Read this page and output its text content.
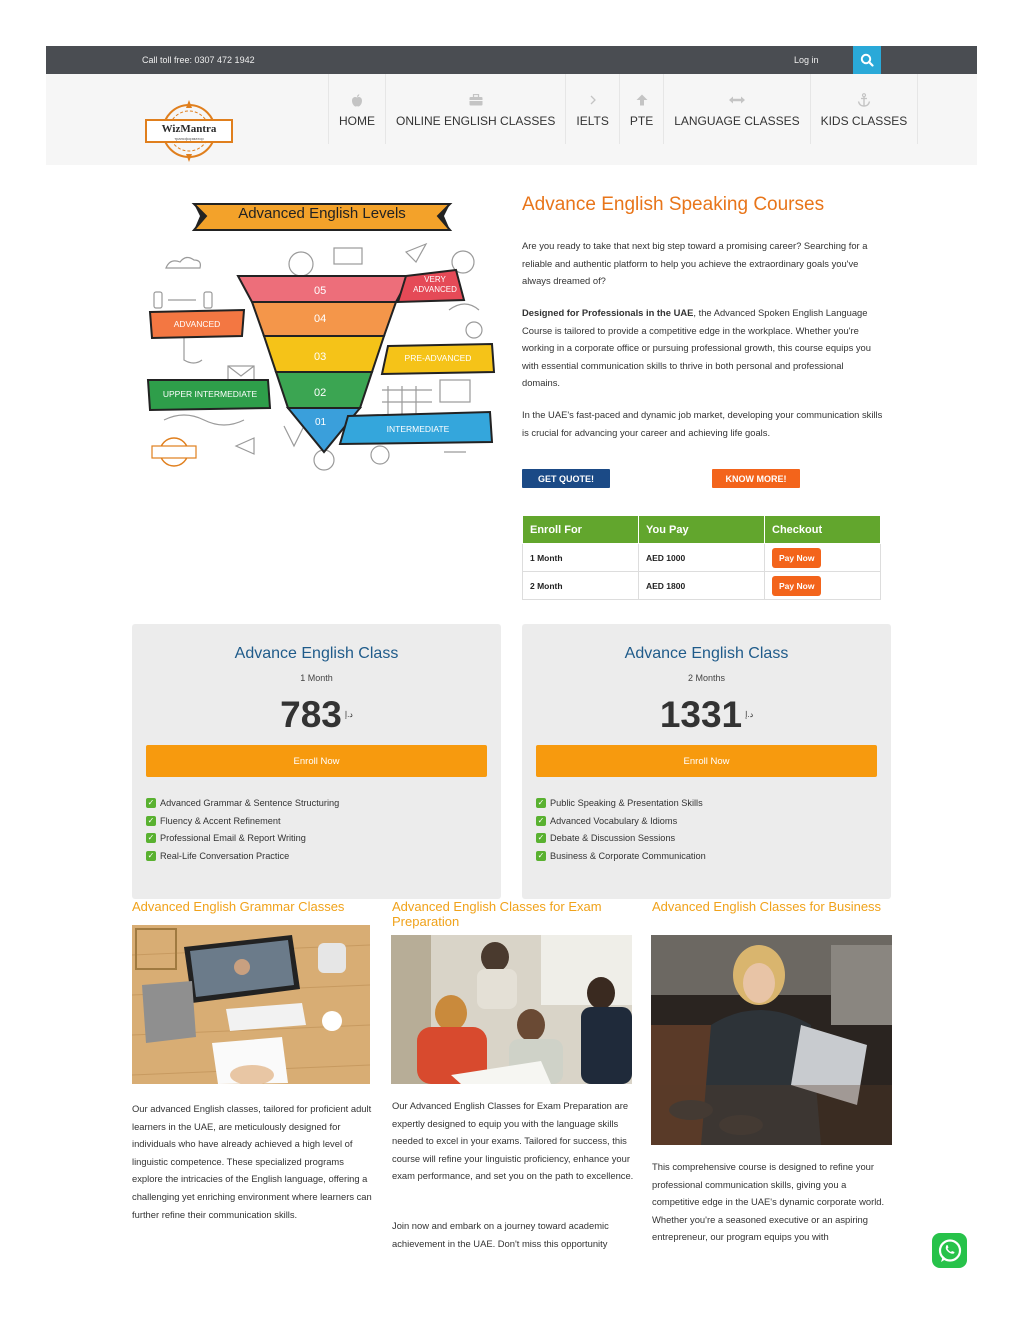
Call toll free: 0307 472 1942	Log in
WizMantra
трансформатор
HOME ONLINE ENGLISH CLASSES IELTS PTE LANGUAGE CLASSES KIDS CLASSES
Advanced English Levels
05
04
03
02
01
VERY ADVANCED
ADVANCED
PRE-ADVANCED
UPPER INTERMEDIATE
INTERMEDIATE
Advance English Speaking Courses
Are you ready to take that next big step toward a promising career? Searching for a reliable and authentic platform to help you achieve the extraordinary goals you've always dreamed of?
Designed for Professionals in the UAE, the Advanced Spoken English Language Course is tailored to provide a competitive edge in the workplace. Whether you're working in a corporate office or pursuing professional growth, this course equips you with essential communication skills to thrive in both personal and professional domains.
In the UAE's fast-paced and dynamic job market, developing your communication skills is crucial for advancing your career and achieving life goals.
GET QUOTE!	KNOW MORE!
Enroll For	You Pay	Checkout
1 Month	AED 1000	Pay Now
2 Month	AED 1800	Pay Now
Advance English Class
1 Month
783 $^{د.إ}$
Enroll Now
✓ Advanced Grammar & Sentence Structuring
✓ Fluency & Accent Refinement
✓ Professional Email & Report Writing
✓ Real-Life Conversation Practice
Advance English Class
2 Months
1331 $^{د.إ}$
Enroll Now
✓ Public Speaking & Presentation Skills
✓ Advanced Vocabulary & Idioms
✓ Debate & Discussion Sessions
✓ Business & Corporate Communication
Advanced English Grammar Classes
Our advanced English classes, tailored for proficient adult learners in the UAE, are meticulously designed for individuals who have already achieved a high level of linguistic competence. These specialized programs explore the intricacies of the English language, offering a challenging yet enriching environment where learners can further refine their communication skills.
Advanced English Classes for Exam Preparation
Our Advanced English Classes for Exam Preparation are expertly designed to equip you with the language skills needed to excel in your exams. Tailored for success, this course will refine your linguistic proficiency, enhance your exam performance, and set you on the path to excellence.
Join now and embark on a journey toward academic achievement in the UAE. Don't miss this opportunity
Advanced English Classes for Business
This comprehensive course is designed to refine your professional communication skills, giving you a competitive edge in the UAE's dynamic corporate world. Whether you're a seasoned executive or an aspiring entrepreneur, our program equips you with
